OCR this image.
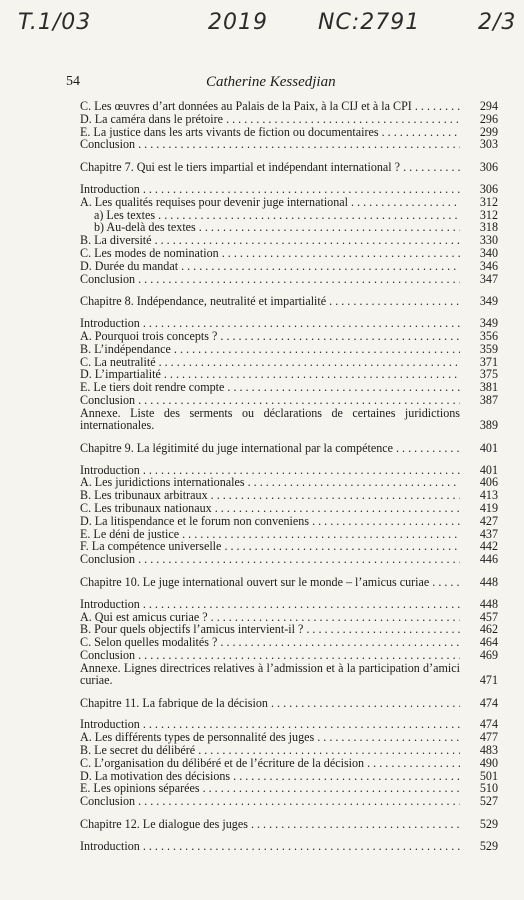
T.1/03	2019 NC:2791	2/3
54	Catherine Kessedjian
C. Les œuvres d’art données au Palais de la Paix, à la CIJ et à la CPI . . .	294
D. La caméra dans le prétoire . . .	296
E. La justice dans les arts vivants de fiction ou documentaires . . .	299
Conclusion . . .	303
Chapitre 7. Qui est le tiers impartial et indépendant international ? . . .	306
Introduction . . .	306
A. Les qualités requises pour devenir juge international . . .	312
a) Les textes . . .	312
b) Au-delà des textes . . .	318
B. La diversité . . .	330
C. Les modes de nomination . . .	340
D. Durée du mandat . . .	346
Conclusion . . .	347
Chapitre 8. Indépendance, neutralité et impartialité . . .	349
Introduction . . .	349
A. Pourquoi trois concepts ? . . .	356
B. L’indépendance . . .	359
C. La neutralité . . .	371
D. L’impartialité . . .	375
E. Le tiers doit rendre compte . . .	381
Conclusion . . .	387
Annexe. Liste des serments ou déclarations de certaines juridictions internationales.	389
Chapitre 9. La légitimité du juge international par la compétence . . .	401
Introduction . . .	401
A. Les juridictions internationales . . .	406
B. Les tribunaux arbitraux . . .	413
C. Les tribunaux nationaux . . .	419
D. La litispendance et le forum non conveniens . . .	427
E. Le déni de justice . . .	437
F. La compétence universelle . . .	442
Conclusion . . .	446
Chapitre 10. Le juge international ouvert sur le monde – l’amicus curiae . . .	448
Introduction . . .	448
A. Qui est amicus curiae ? . . .	457
B. Pour quels objectifs l’amicus intervient-il ? . . .	462
C. Selon quelles modalités ? . . .	464
Conclusion . . .	469
Annexe. Lignes directrices relatives à l’admission et à la participation d’amici curiae.	471
Chapitre 11. La fabrique de la décision . . .	474
Introduction . . .	474
A. Les différents types de personnalité des juges . . .	477
B. Le secret du délibéré . . .	483
C. L’organisation du délibéré et de l’écriture de la décision . . .	490
D. La motivation des décisions . . .	501
E. Les opinions séparées . . .	510
Conclusion . . .	527
Chapitre 12. Le dialogue des juges . . .	529
Introduction . . .	529
